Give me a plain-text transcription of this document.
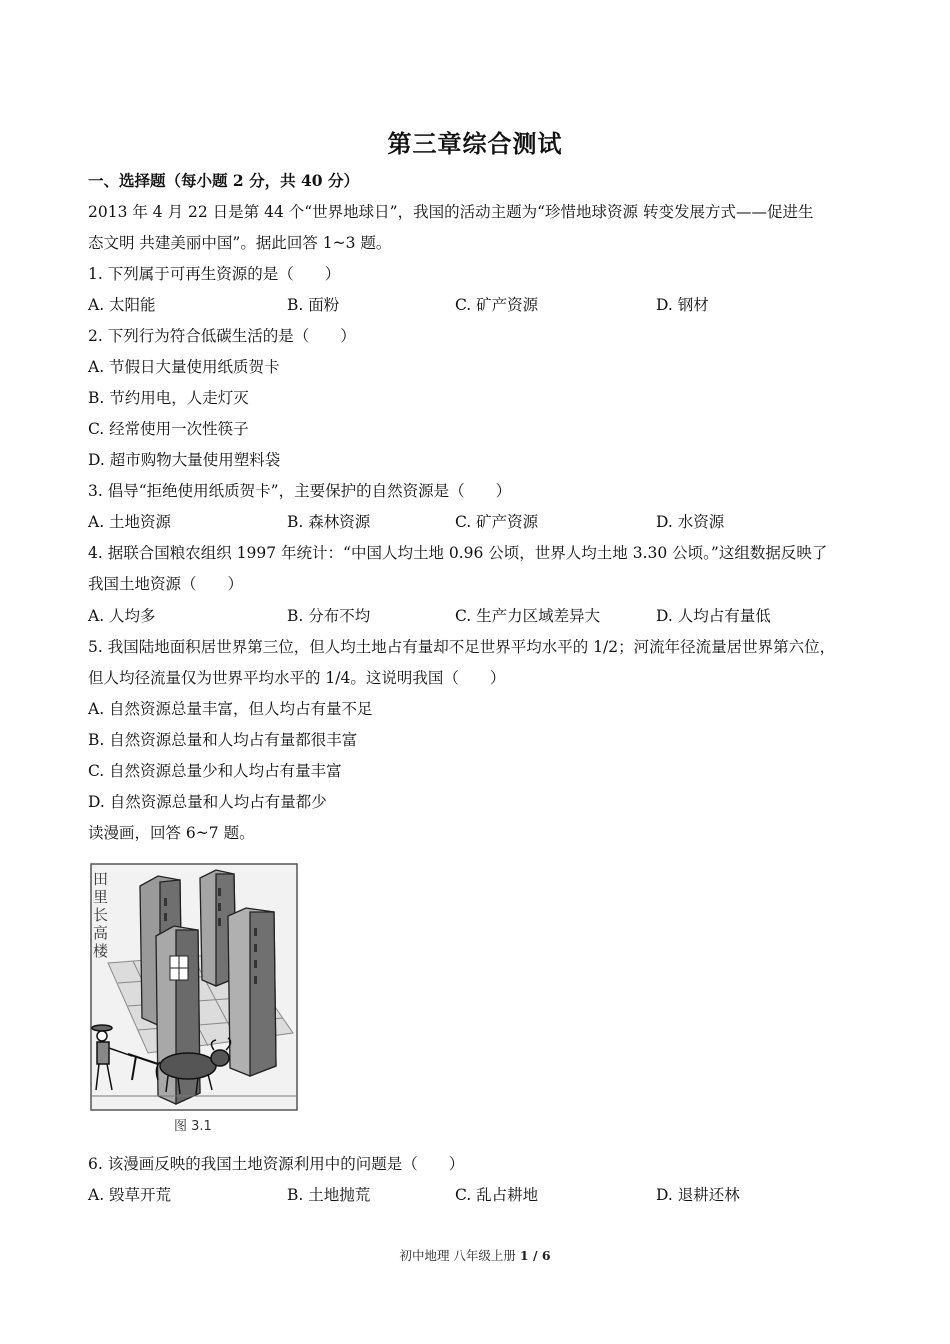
第三章综合测试
一、选择题（每小题 2 分，共 40 分）
2013 年 4 月 22 日是第 44 个“世界地球日”，我国的活动主题为“珍惜地球资源 转变发展方式——促进生
态文明 共建美丽中国”。据此回答 1~3 题。
1. 下列属于可再生资源的是（　　）
A. 太阳能	B. 面粉	C. 矿产资源	D. 钢材
2. 下列行为符合低碳生活的是（　　）
A. 节假日大量使用纸质贺卡
B. 节约用电，人走灯灭
C. 经常使用一次性筷子
D. 超市购物大量使用塑料袋
3. 倡导“拒绝使用纸质贺卡”，主要保护的自然资源是（　　）
A. 土地资源	B. 森林资源	C. 矿产资源	D. 水资源
4. 据联合国粮农组织 1997 年统计：“中国人均土地 0.96 公顷，世界人均土地 3.30 公顷。”这组数据反映了
我国土地资源（　　）
A. 人均多	B. 分布不均	C. 生产力区域差异大	D. 人均占有量低
5. 我国陆地面积居世界第三位，但人均土地占有量却不足世界平均水平的 1/2；河流年径流量居世界第六位，
但人均径流量仅为世界平均水平的 1/4。这说明我国（　　）
A. 自然资源总量丰富，但人均占有量不足
B. 自然资源总量和人均占有量都很丰富
C. 自然资源总量少和人均占有量丰富
D. 自然资源总量和人均占有量都少
读漫画，回答 6~7 题。
田
里
长
高
楼
图 3.1
6. 该漫画反映的我国土地资源利用中的问题是（　　）
A. 毁草开荒	B. 土地抛荒	C. 乱占耕地	D. 退耕还林
初中地理 八年级上册 1 / 6
